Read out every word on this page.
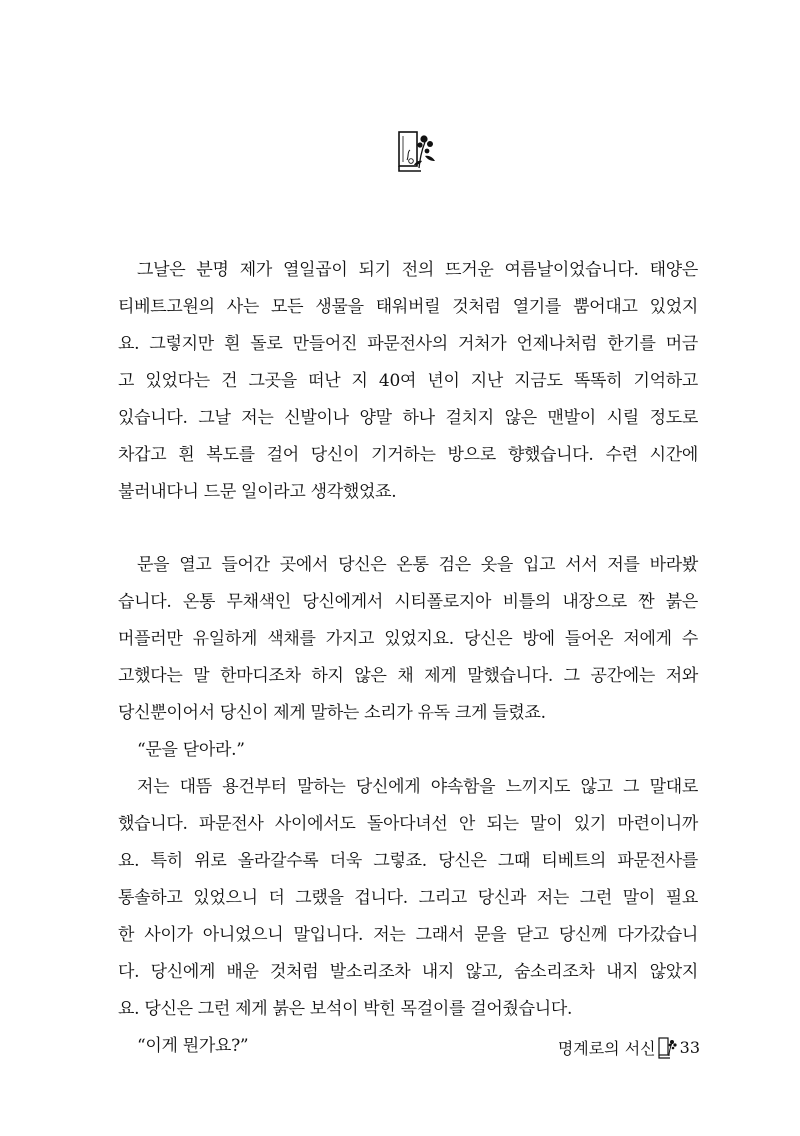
그날은 분명 제가 열일곱이 되기 전의 뜨거운 여름날이었습니다. 태양은
티베트고원의 사는 모든 생물을 태워버릴 것처럼 열기를 뿜어대고 있었지
요. 그렇지만 흰 돌로 만들어진 파문전사의 거처가 언제나처럼 한기를 머금
고 있었다는 건 그곳을 떠난 지 40여 년이 지난 지금도 똑똑히 기억하고
있습니다. 그날 저는 신발이나 양말 하나 걸치지 않은 맨발이 시릴 정도로
차갑고 흰 복도를 걸어 당신이 기거하는 방으로 향했습니다. 수련 시간에
불러내다니 드문 일이라고 생각했었죠.
문을 열고 들어간 곳에서 당신은 온통 검은 옷을 입고 서서 저를 바라봤
습니다. 온통 무채색인 당신에게서 시티폴로지아 비틀의 내장으로 짠 붉은
머플러만 유일하게 색채를 가지고 있었지요. 당신은 방에 들어온 저에게 수
고했다는 말 한마디조차 하지 않은 채 제게 말했습니다. 그 공간에는 저와
당신뿐이어서 당신이 제게 말하는 소리가 유독 크게 들렸죠.
“문을 닫아라.”
저는 대뜸 용건부터 말하는 당신에게 야속함을 느끼지도 않고 그 말대로
했습니다. 파문전사 사이에서도 돌아다녀선 안 되는 말이 있기 마련이니까
요. 특히 위로 올라갈수록 더욱 그렇죠. 당신은 그때 티베트의 파문전사를
통솔하고 있었으니 더 그랬을 겁니다. 그리고 당신과 저는 그런 말이 필요
한 사이가 아니었으니 말입니다. 저는 그래서 문을 닫고 당신께 다가갔습니
다. 당신에게 배운 것처럼 발소리조차 내지 않고, 숨소리조차 내지 않았지
요. 당신은 그런 제게 붉은 보석이 박힌 목걸이를 걸어줬습니다.
“이게 뭔가요?”	명계로의 서신 33
